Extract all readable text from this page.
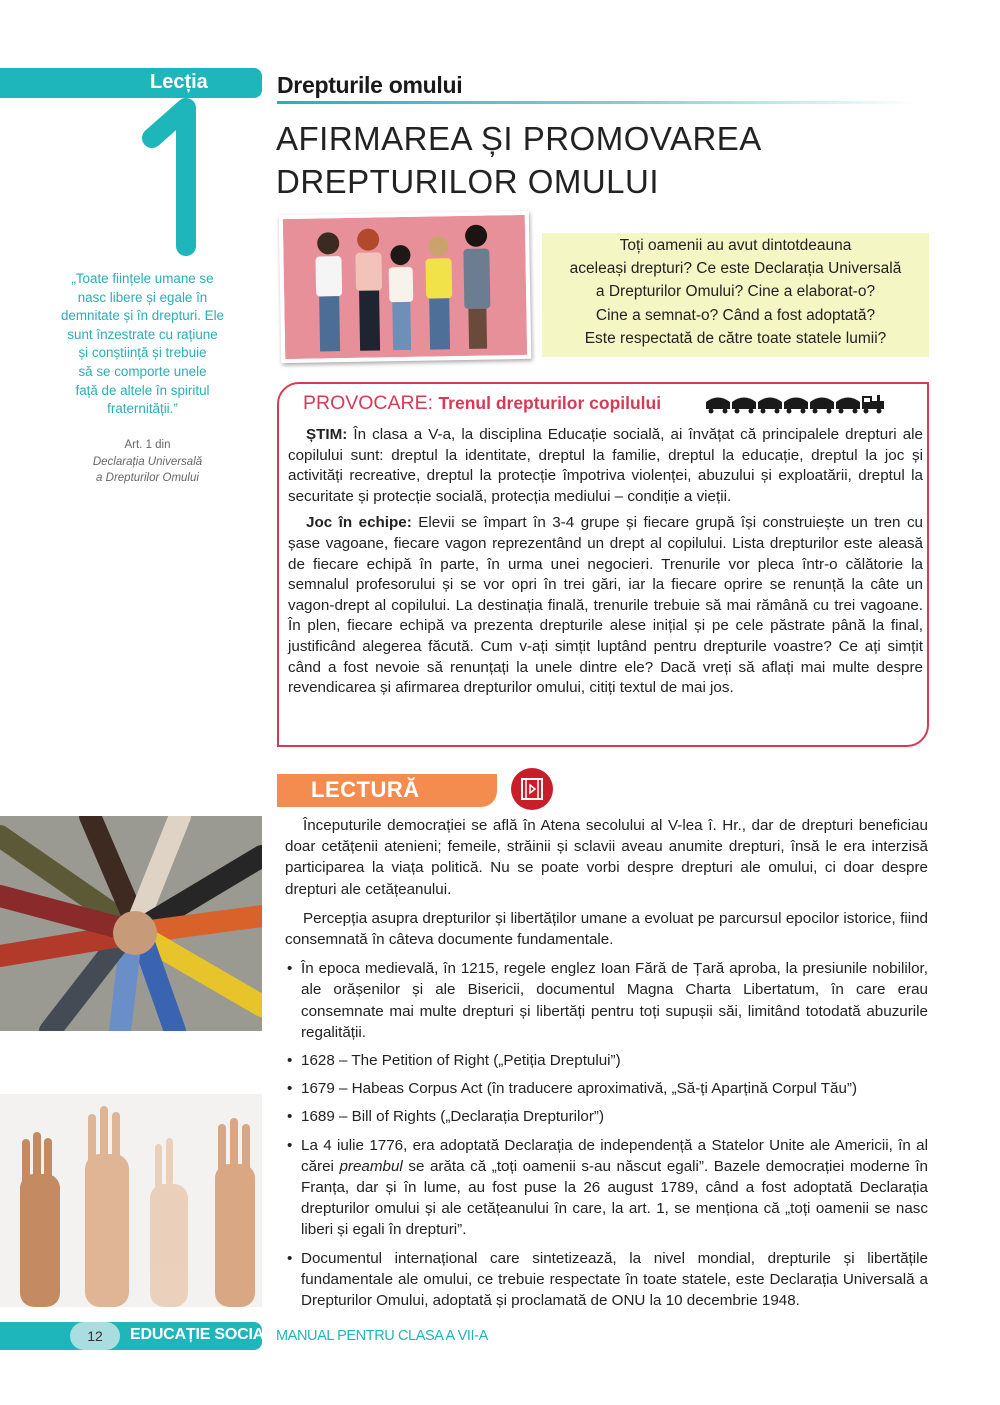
Lecția
„Toate ființele umane se
nasc libere și egale în
demnitate și în drepturi. Ele
sunt înzestrate cu rațiune
și conștiință și trebuie
să se comporte unele
față de altele în spiritul
fraternității.”
Art. 1 din
Declarația Universală
a Drepturilor Omului
Drepturile omului
AFIRMAREA ȘI PROMOVAREA
DREPTURILOR OMULUI
Toți oamenii au avut dintotdeauna
aceleași drepturi? Ce este Declarația Universală
a Drepturilor Omului? Cine a elaborat-o?
Cine a semnat-o? Când a fost adoptată?
Este respectată de către toate statele lumii?
PROVOCARE: Trenul drepturilor copilului

ȘTIM: În clasa a V-a, la disciplina Educație socială, ai învățat că principalele drepturi ale copilului sunt: dreptul la identitate, dreptul la familie, dreptul la educație, dreptul la joc și activități recreative, dreptul la protecție împotriva violenței, abuzului și exploatării, dreptul la securitate și protecție socială, protecția mediului – condiție a vieții.

Joc în echipe: Elevii se împart în 3-4 grupe și fiecare grupă își construiește un tren cu șase vagoane, fiecare vagon reprezentând un drept al copilului. Lista drepturilor este aleasă de fiecare echipă în parte, în urma unei negocieri. Trenurile vor pleca într-o călătorie la semnalul profesorului și se vor opri în trei gări, iar la fiecare oprire se renunță la câte un vagon-drept al copilului. La destinația finală, trenurile trebuie să mai rămână cu trei vagoane. În plen, fiecare echipă va prezenta drepturile alese inițial și pe cele păstrate până la final, justificând alegerea făcută. Cum v-ați simțit luptând pentru drepturile voastre? Ce ați simțit când a fost nevoie să renunțați la unele dintre ele? Dacă vreți să aflați mai multe despre revendicarea și afirmarea drepturilor omului, citiți textul de mai jos.

LECTURĂ

Începuturile democrației se află în Atena secolului al V-lea î. Hr., dar de drepturi beneficiau doar cetățenii atenieni; femeile, străinii și sclavii aveau anumite drepturi, însă le era interzisă participarea la viața politică. Nu se poate vorbi despre drepturi ale omului, ci doar despre drepturi ale cetățeanului.

Percepția asupra drepturilor și libertăților umane a evoluat pe parcursul epocilor istorice, fiind consemnată în câteva documente fundamentale.

• În epoca medievală, în 1215, regele englez Ioan Fără de Țară aproba, la presiunile nobililor, ale orășenilor și ale Bisericii, documentul Magna Charta Libertatum, în care erau consemnate mai multe drepturi și libertăți pentru toți supușii săi, limitând totodată abuzurile regalității.
• 1628 – The Petition of Right („Petiția Dreptului”)
• 1679 – Habeas Corpus Act (în traducere aproximativă, „Să-ți Aparțină Corpul Tău”)
• 1689 – Bill of Rights („Declarația Drepturilor”)
• La 4 iulie 1776, era adoptată Declarația de independență a Statelor Unite ale Americii, în al cărei preambul se arăta că „toți oamenii s-au născut egali”. Bazele democrației moderne în Franța, dar și în lume, au fost puse la 26 august 1789, când a fost adoptată Declarația drepturilor omului și ale cetățeanului în care, la art. 1, se menționa că „toți oamenii se nasc liberi și egali în drepturi”.
• Documentul internațional care sintetizează, la nivel mondial, drepturile și libertățile fundamentale ale omului, ce trebuie respectate în toate statele, este Declarația Universală a Drepturilor Omului, adoptată și proclamată de ONU la 10 decembrie 1948.
12	EDUCAȚIE SOCIALĂ
MANUAL PENTRU CLASA A VII-A
